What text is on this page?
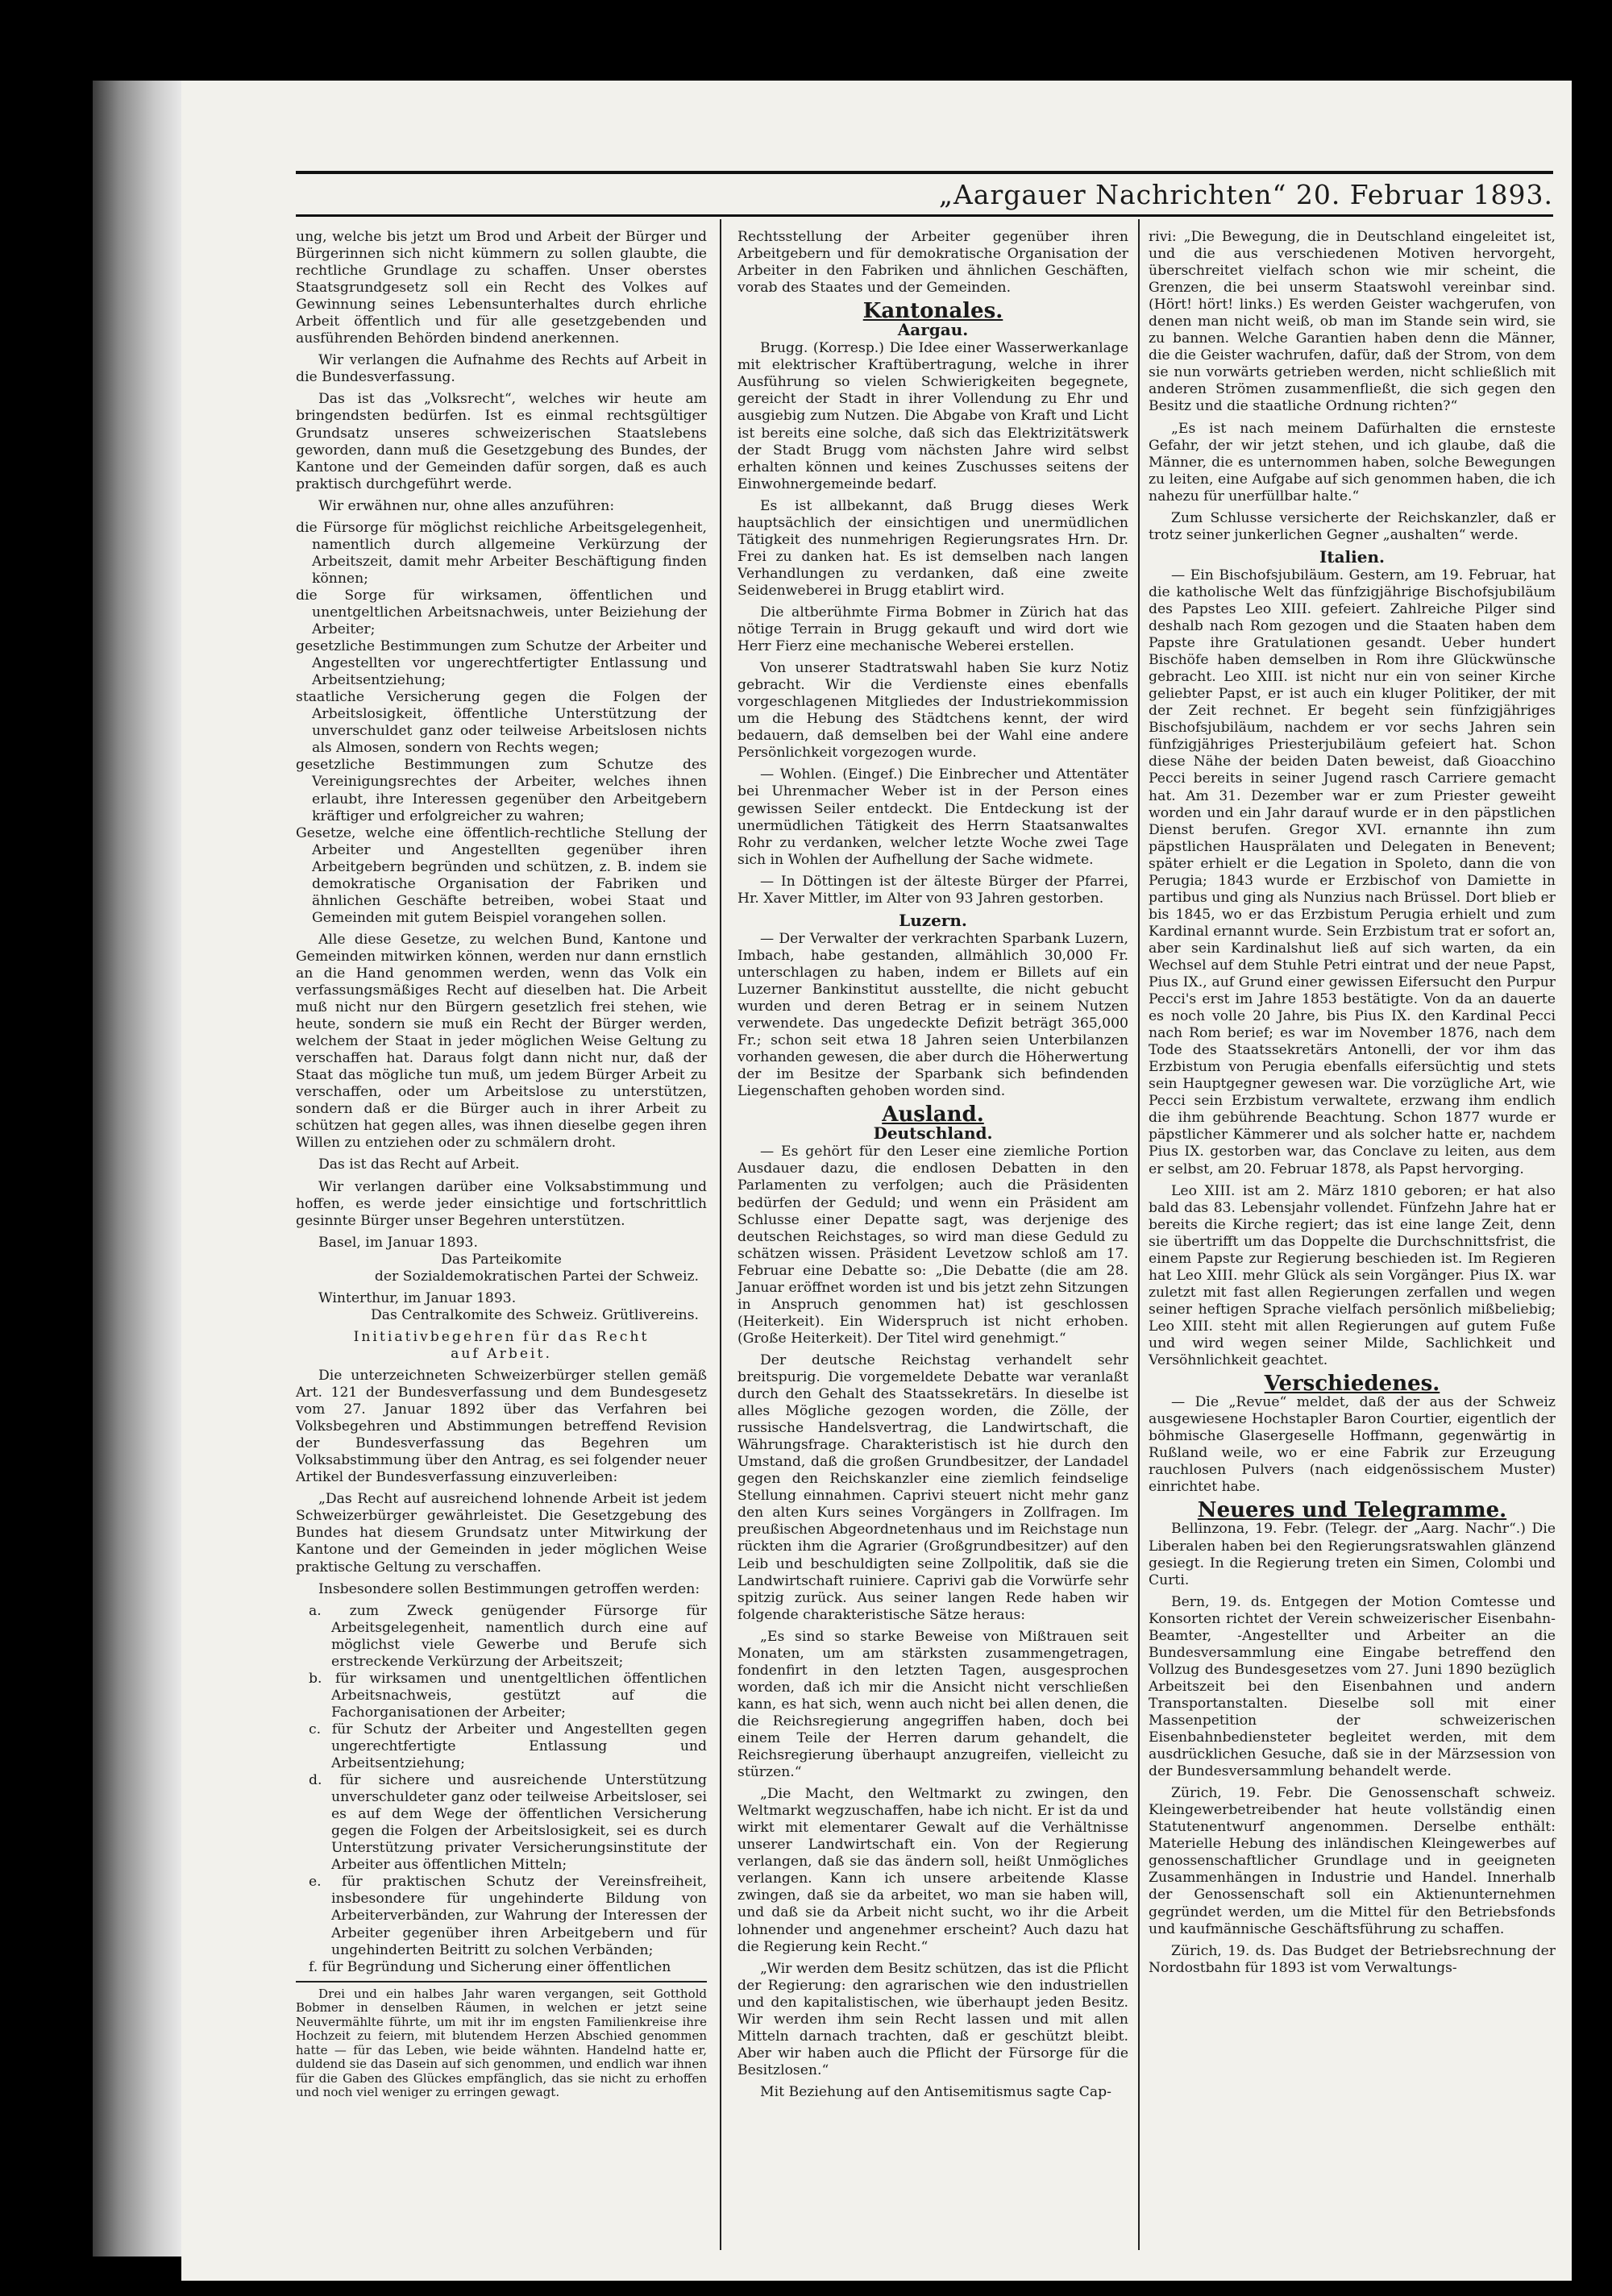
„Aargauer Nachrichten“ 20. Februar 1893.

ung, welche bis jetzt um Brod und Arbeit der Bürger und Bürgerinnen sich nicht kümmern zu sollen glaubte, die rechtliche Grundlage zu schaffen. Unser oberstes Staatsgrundgesetz soll ein Recht des Volkes auf Gewinnung seines Lebensunterhaltes durch ehrliche Arbeit öffentlich und für alle gesetzgebenden und ausführenden Behörden bindend anerkennen.

Wir verlangen die Aufnahme des Rechts auf Arbeit in die Bundesverfassung.

Das ist das „Volksrecht“, welches wir heute am bringendsten bedürfen. Ist es einmal rechtsgültiger Grundsatz unseres schweizerischen Staatslebens geworden, dann muß die Gesetzgebung des Bundes, der Kantone und der Gemeinden dafür sorgen, daß es auch praktisch durchgeführt werde.

Wir erwähnen nur, ohne alles anzuführen:

die Fürsorge für möglichst reichliche Arbeitsgelegenheit, namentlich durch allgemeine Verkürzung der Arbeitszeit, damit mehr Arbeiter Beschäftigung finden können;
die Sorge für wirksamen, öffentlichen und unentgeltlichen Arbeitsnachweis, unter Beiziehung der Arbeiter;
gesetzliche Bestimmungen zum Schutze der Arbeiter und Angestellten vor ungerechtfertigter Entlassung und Arbeitsentziehung;
staatliche Versicherung gegen die Folgen der Arbeitslosigkeit, öffentliche Unterstützung der unverschuldet ganz oder teilweise Arbeitslosen nichts als Almosen, sondern von Rechts wegen;
gesetzliche Bestimmungen zum Schutze des Vereinigungsrechtes der Arbeiter, welches ihnen erlaubt, ihre Interessen gegenüber den Arbeitgebern kräftiger und erfolgreicher zu wahren;
Gesetze, welche eine öffentlich-rechtliche Stellung der Arbeiter und Angestellten gegenüber ihren Arbeitgebern begründen und schützen, z. B. indem sie demokratische Organisation der Fabriken und ähnlichen Geschäfte betreiben, wobei Staat und Gemeinden mit gutem Beispiel vorangehen sollen.

Alle diese Gesetze, zu welchen Bund, Kantone und Gemeinden mitwirken können, werden nur dann ernstlich an die Hand genommen werden, wenn das Volk ein verfassungsmäßiges Recht auf dieselben hat. Die Arbeit muß nicht nur den Bürgern gesetzlich frei stehen, wie heute, sondern sie muß ein Recht der Bürger werden, welchem der Staat in jeder möglichen Weise Geltung zu verschaffen hat. Daraus folgt dann nicht nur, daß der Staat das mögliche tun muß, um jedem Bürger Arbeit zu verschaffen, oder um Arbeitslose zu unterstützen, sondern daß er die Bürger auch in ihrer Arbeit zu schützen hat gegen alles, was ihnen dieselbe gegen ihren Willen zu entziehen oder zu schmälern droht.

Das ist das Recht auf Arbeit.

Wir verlangen darüber eine Volksabstimmung und hoffen, es werde jeder einsichtige und fortschrittlich gesinnte Bürger unser Begehren unterstützen.

Basel, im Januar 1893.

Das Parteikomite

der Sozialdemokratischen Partei der Schweiz.

Winterthur, im Januar 1893.

Das Centralkomite des Schweiz. Grütlivereins.

Initiativbegehren für das Recht

auf Arbeit.

Die unterzeichneten Schweizerbürger stellen gemäß Art. 121 der Bundesverfassung und dem Bundesgesetz vom 27. Januar 1892 über das Verfahren bei Volksbegehren und Abstimmungen betreffend Revision der Bundesverfassung das Begehren um Volksabstimmung über den Antrag, es sei folgender neuer Artikel der Bundesverfassung einzuverleiben:

„Das Recht auf ausreichend lohnende Arbeit ist jedem Schweizerbürger gewährleistet. Die Gesetzgebung des Bundes hat diesem Grundsatz unter Mitwirkung der Kantone und der Gemeinden in jeder möglichen Weise praktische Geltung zu verschaffen.

Insbesondere sollen Bestimmungen getroffen werden:

a. zum Zweck genügender Fürsorge für Arbeitsgelegenheit, namentlich durch eine auf möglichst viele Gewerbe und Berufe sich erstreckende Verkürzung der Arbeitszeit;
b. für wirksamen und unentgeltlichen öffentlichen Arbeitsnachweis, gestützt auf die Fachorganisationen der Arbeiter;
c. für Schutz der Arbeiter und Angestellten gegen ungerechtfertigte Entlassung und Arbeitsentziehung;
d. für sichere und ausreichende Unterstützung unverschuldeter ganz oder teilweise Arbeitsloser, sei es auf dem Wege der öffentlichen Versicherung gegen die Folgen der Arbeitslosigkeit, sei es durch Unterstützung privater Versicherungsinstitute der Arbeiter aus öffentlichen Mitteln;
e. für praktischen Schutz der Vereinsfreiheit, insbesondere für ungehinderte Bildung von Arbeiterverbänden, zur Wahrung der Interessen der Arbeiter gegenüber ihren Arbeitgebern und für ungehinderten Beitritt zu solchen Verbänden;
f. für Begründung und Sicherung einer öffentlichen
Drei und ein halbes Jahr waren vergangen, seit Gotthold Bobmer in denselben Räumen, in welchen er jetzt seine Neuvermählte führte, um mit ihr im engsten Familienkreise ihre Hochzeit zu feiern, mit blutendem Herzen Abschied genommen hatte — für das Leben, wie beide wähnten. Handelnd hatte er, duldend sie das Dasein auf sich genommen, und endlich war ihnen für die Gaben des Glückes empfänglich, das sie nicht zu erhoffen und noch viel weniger zu erringen gewagt.

Rechtsstellung der Arbeiter gegenüber ihren Arbeitgebern und für demokratische Organisation der Arbeiter in den Fabriken und ähnlichen Geschäften, vorab des Staates und der Gemeinden.

Kantonales.
Aargau.

Brugg. (Korresp.) Die Idee einer Wasserwerkanlage mit elektrischer Kraftübertragung, welche in ihrer Ausführung so vielen Schwierigkeiten begegnete, gereicht der Stadt in ihrer Vollendung zu Ehr und ausgiebig zum Nutzen. Die Abgabe von Kraft und Licht ist bereits eine solche, daß sich das Elektrizitätswerk der Stadt Brugg vom nächsten Jahre wird selbst erhalten können und keines Zuschusses seitens der Einwohnergemeinde bedarf.

Es ist allbekannt, daß Brugg dieses Werk hauptsächlich der einsichtigen und unermüdlichen Tätigkeit des nunmehrigen Regierungsrates Hrn. Dr. Frei zu danken hat. Es ist demselben nach langen Verhandlungen zu verdanken, daß eine zweite Seidenweberei in Brugg etablirt wird.

Die altberühmte Firma Bobmer in Zürich hat das nötige Terrain in Brugg gekauft und wird dort wie Herr Fierz eine mechanische Weberei erstellen.

Von unserer Stadtratswahl haben Sie kurz Notiz gebracht. Wir die Verdienste eines ebenfalls vorgeschlagenen Mitgliedes der Industriekommission um die Hebung des Städtchens kennt, der wird bedauern, daß demselben bei der Wahl eine andere Persönlichkeit vorgezogen wurde.

— Wohlen. (Eingef.) Die Einbrecher und Attentäter bei Uhrenmacher Weber ist in der Person eines gewissen Seiler entdeckt. Die Entdeckung ist der unermüdlichen Tätigkeit des Herrn Staatsanwaltes Rohr zu verdanken, welcher letzte Woche zwei Tage sich in Wohlen der Aufhellung der Sache widmete.

— In Döttingen ist der älteste Bürger der Pfarrei, Hr. Xaver Mittler, im Alter von 93 Jahren gestorben.

Luzern.

— Der Verwalter der verkrachten Sparbank Luzern, Imbach, habe gestanden, allmählich 30,000 Fr. unterschlagen zu haben, indem er Billets auf ein Luzerner Bankinstitut ausstellte, die nicht gebucht wurden und deren Betrag er in seinem Nutzen verwendete. Das ungedeckte Defizit beträgt 365,000 Fr.; schon seit etwa 18 Jahren seien Unterbilanzen vorhanden gewesen, die aber durch die Höherwertung der im Besitze der Sparbank sich befindenden Liegenschaften gehoben worden sind.

Ausland.
Deutschland.

— Es gehört für den Leser eine ziemliche Portion Ausdauer dazu, die endlosen Debatten in den Parlamenten zu verfolgen; auch die Präsidenten bedürfen der Geduld; und wenn ein Präsident am Schlusse einer Depatte sagt, was derjenige des deutschen Reichstages, so wird man diese Geduld zu schätzen wissen. Präsident Levetzow schloß am 17. Februar eine Debatte so: „Die Debatte (die am 28. Januar eröffnet worden ist und bis jetzt zehn Sitzungen in Anspruch genommen hat) ist geschlossen (Heiterkeit). Ein Widerspruch ist nicht erhoben. (Große Heiterkeit). Der Titel wird genehmigt.“

Der deutsche Reichstag verhandelt sehr breitspurig. Die vorgemeldete Debatte war veranlaßt durch den Gehalt des Staatssekretärs. In dieselbe ist alles Mögliche gezogen worden, die Zölle, der russische Handelsvertrag, die Landwirtschaft, die Währungsfrage. Charakteristisch ist hie durch den Umstand, daß die großen Grundbesitzer, der Landadel gegen den Reichskanzler eine ziemlich feindselige Stellung einnahmen. Caprivi steuert nicht mehr ganz den alten Kurs seines Vorgängers in Zollfragen. Im preußischen Abgeordnetenhaus und im Reichstage nun rückten ihm die Agrarier (Großgrundbesitzer) auf den Leib und beschuldigten seine Zollpolitik, daß sie die Landwirtschaft ruiniere. Caprivi gab die Vorwürfe sehr spitzig zurück. Aus seiner langen Rede haben wir folgende charakteristische Sätze heraus:

„Es sind so starke Beweise von Mißtrauen seit Monaten, um am stärksten zusammengetragen, fondenfirt in den letzten Tagen, ausgesprochen worden, daß ich mir die Ansicht nicht verschließen kann, es hat sich, wenn auch nicht bei allen denen, die die Reichsregierung angegriffen haben, doch bei einem Teile der Herren darum gehandelt, die Reichsregierung überhaupt anzugreifen, vielleicht zu stürzen.“

„Die Macht, den Weltmarkt zu zwingen, den Weltmarkt wegzuschaffen, habe ich nicht. Er ist da und wirkt mit elementarer Gewalt auf die Verhältnisse unserer Landwirtschaft ein. Von der Regierung verlangen, daß sie das ändern soll, heißt Unmögliches verlangen. Kann ich unsere arbeitende Klasse zwingen, daß sie da arbeitet, wo man sie haben will, und daß sie da Arbeit nicht sucht, wo ihr die Arbeit lohnender und angenehmer erscheint? Auch dazu hat die Regierung kein Recht.“

„Wir werden dem Besitz schützen, das ist die Pflicht der Regierung: den agrarischen wie den industriellen und den kapitalistischen, wie überhaupt jeden Besitz. Wir werden ihm sein Recht lassen und mit allen Mitteln darnach trachten, daß er geschützt bleibt. Aber wir haben auch die Pflicht der Fürsorge für die Besitzlosen.“

Mit Beziehung auf den Antisemitismus sagte Cap-

rivi: „Die Bewegung, die in Deutschland eingeleitet ist, und die aus verschiedenen Motiven hervorgeht, überschreitet vielfach schon wie mir scheint, die Grenzen, die bei unserm Staatswohl vereinbar sind. (Hört! hört! links.) Es werden Geister wachgerufen, von denen man nicht weiß, ob man im Stande sein wird, sie zu bannen. Welche Garantien haben denn die Männer, die die Geister wachrufen, dafür, daß der Strom, von dem sie nun vorwärts getrieben werden, nicht schließlich mit anderen Strömen zusammenfließt, die sich gegen den Besitz und die staatliche Ordnung richten?“

„Es ist nach meinem Dafürhalten die ernsteste Gefahr, der wir jetzt stehen, und ich glaube, daß die Männer, die es unternommen haben, solche Bewegungen zu leiten, eine Aufgabe auf sich genommen haben, die ich nahezu für unerfüllbar halte.“

Zum Schlusse versicherte der Reichskanzler, daß er trotz seiner junkerlichen Gegner „aushalten“ werde.

Italien.

— Ein Bischofsjubiläum. Gestern, am 19. Februar, hat die katholische Welt das fünfzigjährige Bischofsjubiläum des Papstes Leo XIII. gefeiert. Zahlreiche Pilger sind deshalb nach Rom gezogen und die Staaten haben dem Papste ihre Gratulationen gesandt. Ueber hundert Bischöfe haben demselben in Rom ihre Glückwünsche gebracht. Leo XIII. ist nicht nur ein von seiner Kirche geliebter Papst, er ist auch ein kluger Politiker, der mit der Zeit rechnet. Er begeht sein fünfzigjähriges Bischofsjubiläum, nachdem er vor sechs Jahren sein fünfzigjähriges Priesterjubiläum gefeiert hat. Schon diese Nähe der beiden Daten beweist, daß Gioacchino Pecci bereits in seiner Jugend rasch Carriere gemacht hat. Am 31. Dezember war er zum Priester geweiht worden und ein Jahr darauf wurde er in den päpstlichen Dienst berufen. Gregor XVI. ernannte ihn zum päpstlichen Hausprälaten und Delegaten in Benevent; später erhielt er die Legation in Spoleto, dann die von Perugia; 1843 wurde er Erzbischof von Damiette in partibus und ging als Nunzius nach Brüssel. Dort blieb er bis 1845, wo er das Erzbistum Perugia erhielt und zum Kardinal ernannt wurde. Sein Erzbistum trat er sofort an, aber sein Kardinalshut ließ auf sich warten, da ein Wechsel auf dem Stuhle Petri eintrat und der neue Papst, Pius IX., auf Grund einer gewissen Eifersucht den Purpur Pecci's erst im Jahre 1853 bestätigte. Von da an dauerte es noch volle 20 Jahre, bis Pius IX. den Kardinal Pecci nach Rom berief; es war im November 1876, nach dem Tode des Staatssekretärs Antonelli, der vor ihm das Erzbistum von Perugia ebenfalls eifersüchtig und stets sein Hauptgegner gewesen war. Die vorzügliche Art, wie Pecci sein Erzbistum verwaltete, erzwang ihm endlich die ihm gebührende Beachtung. Schon 1877 wurde er päpstlicher Kämmerer und als solcher hatte er, nachdem Pius IX. gestorben war, das Conclave zu leiten, aus dem er selbst, am 20. Februar 1878, als Papst hervorging.

Leo XIII. ist am 2. März 1810 geboren; er hat also bald das 83. Lebensjahr vollendet. Fünfzehn Jahre hat er bereits die Kirche regiert; das ist eine lange Zeit, denn sie übertrifft um das Doppelte die Durchschnittsfrist, die einem Papste zur Regierung beschieden ist. Im Regieren hat Leo XIII. mehr Glück als sein Vorgänger. Pius IX. war zuletzt mit fast allen Regierungen zerfallen und wegen seiner heftigen Sprache vielfach persönlich mißbeliebig; Leo XIII. steht mit allen Regierungen auf gutem Fuße und wird wegen seiner Milde, Sachlichkeit und Versöhnlichkeit geachtet.

Verschiedenes.

— Die „Revue“ meldet, daß der aus der Schweiz ausgewiesene Hochstapler Baron Courtier, eigentlich der böhmische Glasergeselle Hoffmann, gegenwärtig in Rußland weile, wo er eine Fabrik zur Erzeugung rauchlosen Pulvers (nach eidgenössischem Muster) einrichtet habe.

Neueres und Telegramme.

Bellinzona, 19. Febr. (Telegr. der „Aarg. Nachr“.) Die Liberalen haben bei den Regierungsratswahlen glänzend gesiegt. In die Regierung treten ein Simen, Colombi und Curti.

Bern, 19. ds. Entgegen der Motion Comtesse und Konsorten richtet der Verein schweizerischer Eisenbahn-Beamter, -Angestellter und Arbeiter an die Bundesversammlung eine Eingabe betreffend den Vollzug des Bundesgesetzes vom 27. Juni 1890 bezüglich Arbeitszeit bei den Eisenbahnen und andern Transportanstalten. Dieselbe soll mit einer Massenpetition der schweizerischen Eisenbahnbediensteter begleitet werden, mit dem ausdrücklichen Gesuche, daß sie in der Märzsession von der Bundesversammlung behandelt werde.

Zürich, 19. Febr. Die Genossenschaft schweiz. Kleingewerbetreibender hat heute vollständig einen Statutenentwurf angenommen. Derselbe enthält: Materielle Hebung des inländischen Kleingewerbes auf genossenschaftlicher Grundlage und in geeigneten Zusammenhängen in Industrie und Handel. Innerhalb der Genossenschaft soll ein Aktienunternehmen gegründet werden, um die Mittel für den Betriebsfonds und kaufmännische Geschäftsführung zu schaffen.

Zürich, 19. ds. Das Budget der Betriebsrechnung der Nordostbahn für 1893 ist vom Verwaltungs-
